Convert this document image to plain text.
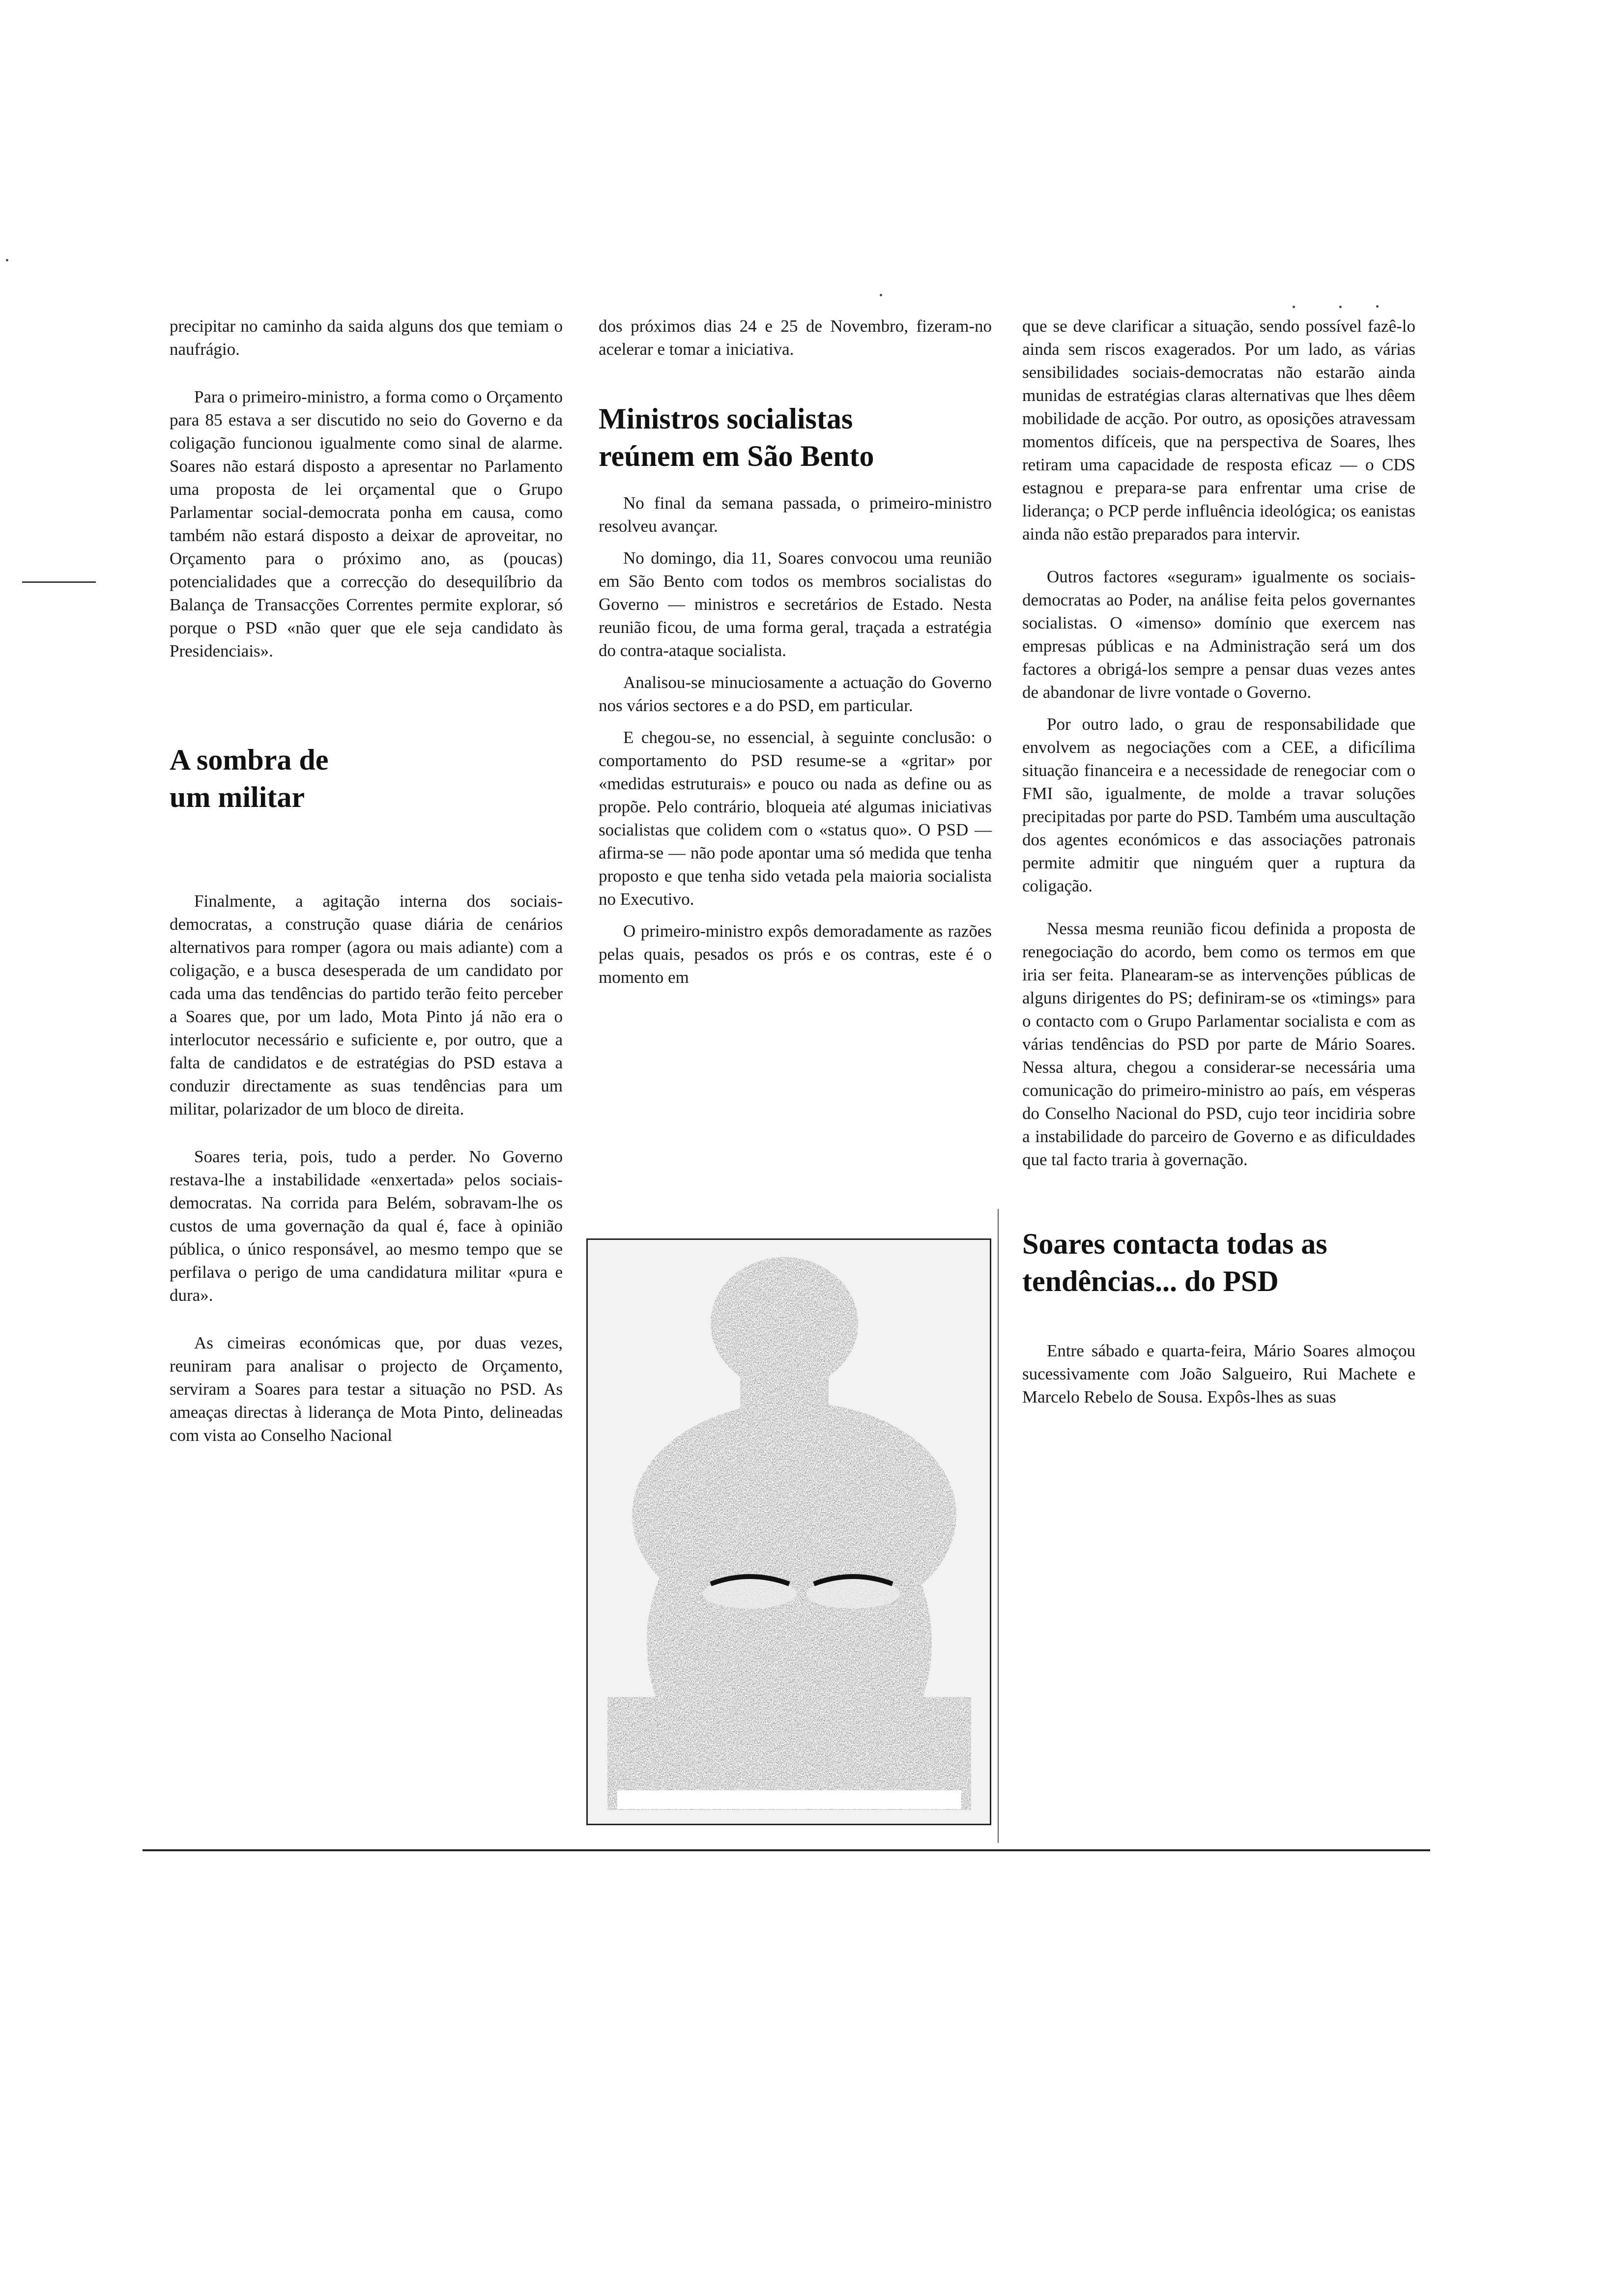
precipitar no caminho da saida alguns dos que temiam o naufrágio.

Para o primeiro-ministro, a forma como o Orçamento para 85 estava a ser discutido no seio do Governo e da coligação funcionou igualmente como sinal de alarme. Soares não estará disposto a apresentar no Parlamento uma proposta de lei orçamental que o Grupo Parlamentar social-democrata ponha em causa, como também não estará disposto a deixar de aproveitar, no Orçamento para o próximo ano, as (poucas) potencialidades que a correcção do desequilíbrio da Balança de Transacções Correntes permite explorar, só porque o PSD «não quer que ele seja candidato às Presidenciais».

A sombra de um militar

Finalmente, a agitação interna dos sociais-democratas, a construção quase diária de cenários alternativos para romper (agora ou mais adiante) com a coligação, e a busca desesperada de um candidato por cada uma das tendências do partido terão feito perceber a Soares que, por um lado, Mota Pinto já não era o interlocutor necessário e suficiente e, por outro, que a falta de candidatos e de estratégias do PSD estava a conduzir directamente as suas tendências para um militar, polarizador de um bloco de direita.

Soares teria, pois, tudo a perder. No Governo restava-lhe a instabilidade «enxertada» pelos sociais-democratas. Na corrida para Belém, sobravam-lhe os custos de uma governação da qual é, face à opinião pública, o único responsável, ao mesmo tempo que se perfilava o perigo de uma candidatura militar «pura e dura».

As cimeiras económicas que, por duas vezes, reuniram para analisar o projecto de Orçamento, serviram a Soares para testar a situação no PSD. As ameaças directas à liderança de Mota Pinto, delineadas com vista ao Conselho Nacional

dos próximos dias 24 e 25 de Novembro, fizeram-no acelerar e tomar a iniciativa.

Ministros socialistas reúnem em São Bento

No final da semana passada, o primeiro-ministro resolveu avançar.

No domingo, dia 11, Soares convocou uma reunião em São Bento com todos os membros socialistas do Governo — ministros e secretários de Estado. Nesta reunião ficou, de uma forma geral, traçada a estratégia do contra-ataque socialista.

Analisou-se minuciosamente a actuação do Governo nos vários sectores e a do PSD, em particular.

E chegou-se, no essencial, à seguinte conclusão: o comportamento do PSD resume-se a «gritar» por «medidas estruturais» e pouco ou nada as define ou as propõe. Pelo contrário, bloqueia até algumas iniciativas socialistas que colidem com o «status quo». O PSD — afirma-se — não pode apontar uma só medida que tenha proposto e que tenha sido vetada pela maioria socialista no Executivo.

O primeiro-ministro expôs demoradamente as razões pelas quais, pesados os prós e os contras, este é o momento em

que se deve clarificar a situação, sendo possível fazê-lo ainda sem riscos exagerados. Por um lado, as várias sensibilidades sociais-democratas não estarão ainda munidas de estratégias claras alternativas que lhes dêem mobilidade de acção. Por outro, as oposições atravessam momentos difíceis, que na perspectiva de Soares, lhes retiram uma capacidade de resposta eficaz — o CDS estagnou e prepara-se para enfrentar uma crise de liderança; o PCP perde influência ideológica; os eanistas ainda não estão preparados para intervir.

Outros factores «seguram» igualmente os sociais-democratas ao Poder, na análise feita pelos governantes socialistas. O «imenso» domínio que exercem nas empresas públicas e na Administração será um dos factores a obrigá-los sempre a pensar duas vezes antes de abandonar de livre vontade o Governo.

Por outro lado, o grau de responsabilidade que envolvem as negociações com a CEE, a dificílima situação financeira e a necessidade de renegociar com o FMI são, igualmente, de molde a travar soluções precipitadas por parte do PSD. Também uma auscultação dos agentes económicos e das associações patronais permite admitir que ninguém quer a ruptura da coligação.

Nessa mesma reunião ficou definida a proposta de renegociação do acordo, bem como os termos em que iria ser feita. Planearam-se as intervenções públicas de alguns dirigentes do PS; definiram-se os «timings» para o contacto com o Grupo Parlamentar socialista e com as várias tendências do PSD por parte de Mário Soares. Nessa altura, chegou a considerar-se necessária uma comunicação do primeiro-ministro ao país, em vésperas do Conselho Nacional do PSD, cujo teor incidiria sobre a instabilidade do parceiro de Governo e as dificuldades que tal facto traria à governação.

Soares contacta todas as tendências... do PSD

Entre sábado e quarta-feira, Mário Soares almoçou sucessivamente com João Salgueiro, Rui Machete e Marcelo Rebelo de Sousa. Expôs-lhes as suas
